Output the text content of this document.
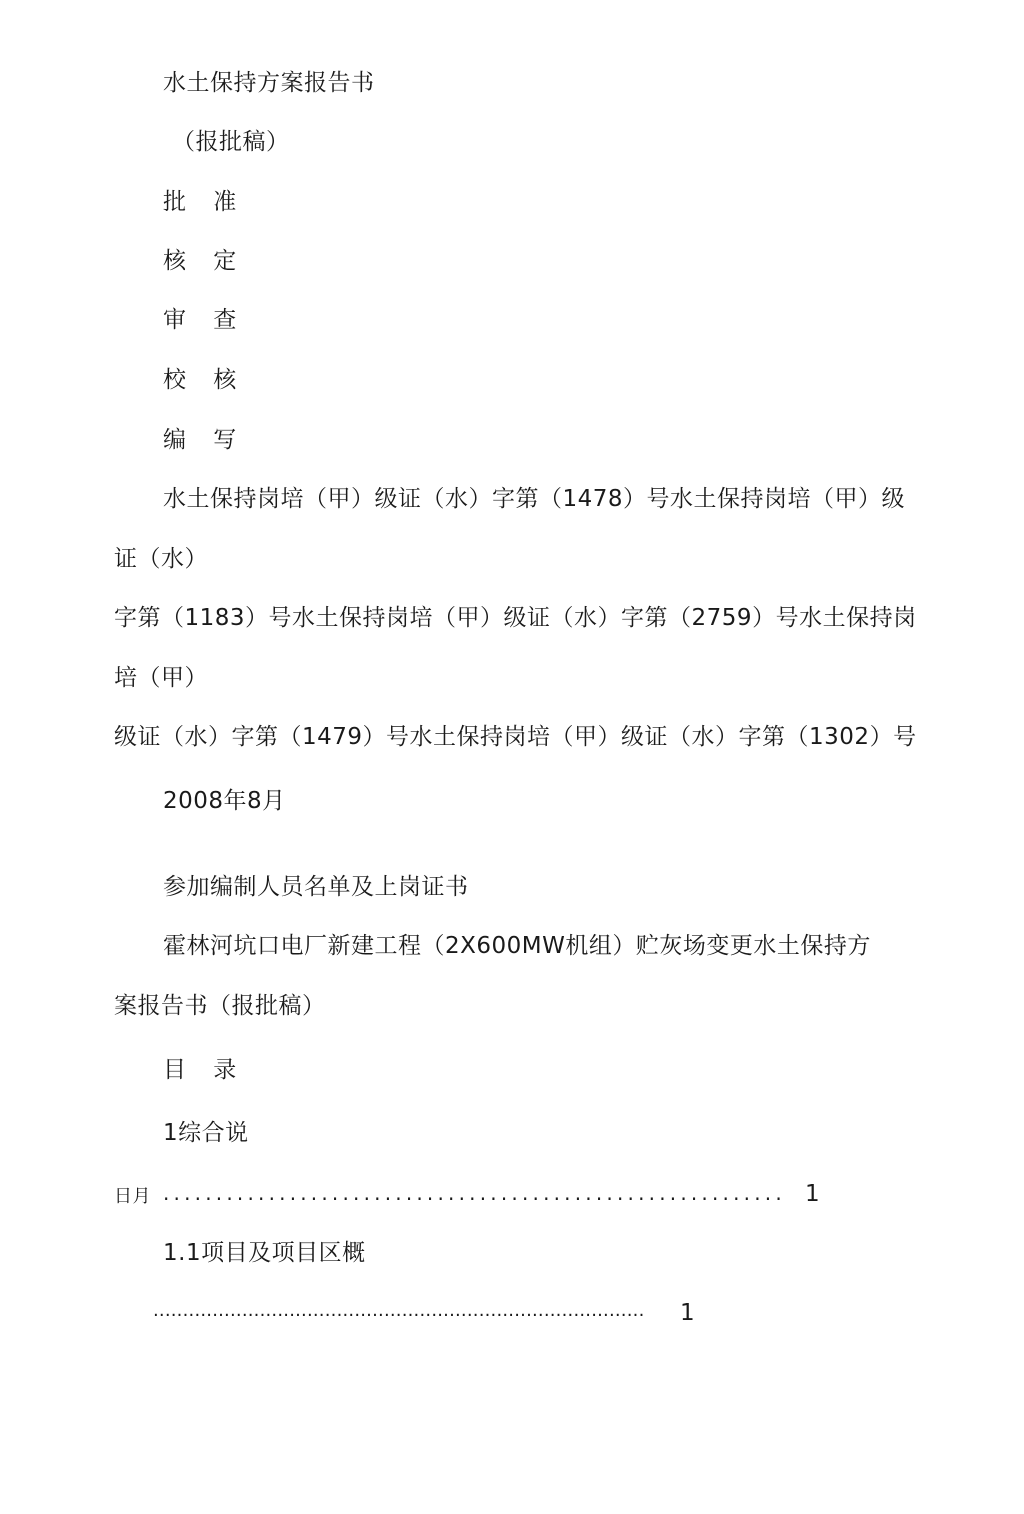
水土保持方案报告书
（报批稿）
批 准
核 定
审 查
校 核
编 写
水土保持岗培（甲）级证（水）字第（1478）号水土保持岗培（甲）级
证（水）
字第（1183）号水土保持岗培（甲）级证（水）字第（2759）号水土保持岗
培（甲）
级证（水）字第（1479）号水土保持岗培（甲）级证（水）字第（1302）号
2008年8月
参加编制人员名单及上岗证书
霍林河坑口电厂新建工程（2X600MW机组）贮灰场变更水土保持方
案报告书（报批稿）
目 录
1综合说
日月 ........................................................... 1
1.1项目及项目区概
................................................................................... 1
